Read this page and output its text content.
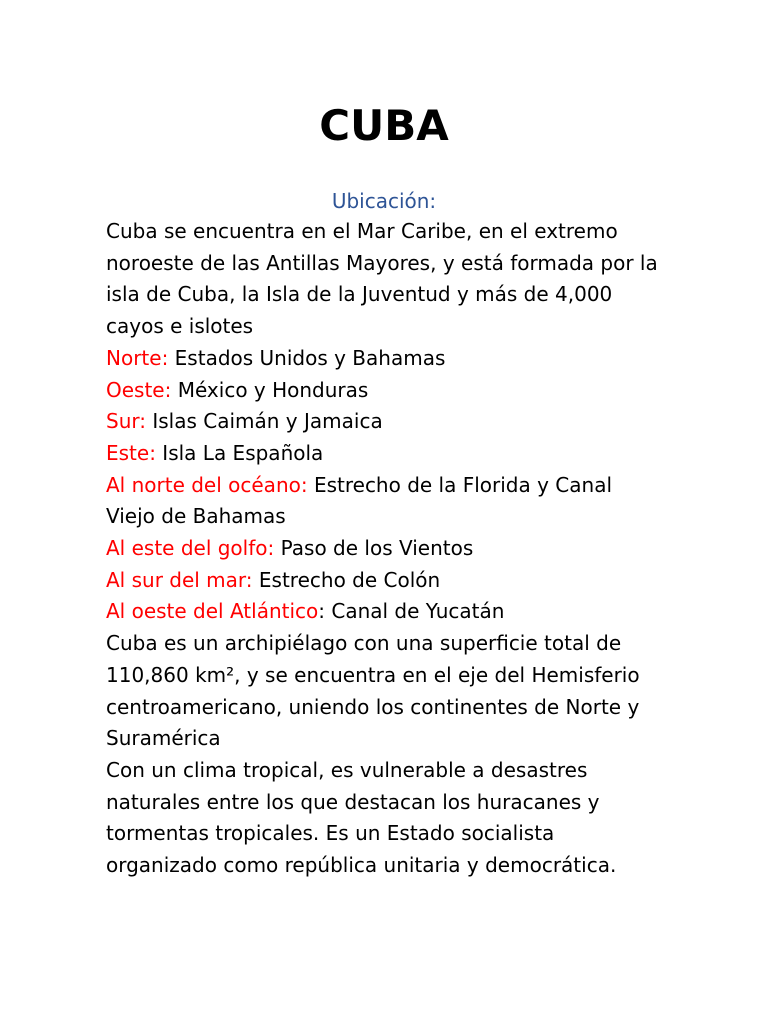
CUBA
Ubicación:

Cuba se encuentra en el Mar Caribe, en el extremo noroeste de las Antillas Mayores, y está formada por la isla de Cuba, la Isla de la Juventud y más de 4,000 cayos e islotes

Norte: Estados Unidos y Bahamas

Oeste: México y Honduras

Sur: Islas Caimán y Jamaica

Este: Isla La Española

Al norte del océano: Estrecho de la Florida y Canal Viejo de Bahamas

Al este del golfo: Paso de los Vientos

Al sur del mar: Estrecho de Colón

Al oeste del Atlántico: Canal de Yucatán

Cuba es un archipiélago con una superficie total de 110,860 km², y se encuentra en el eje del Hemisferio centroamericano, uniendo los continentes de Norte y Suramérica

Con un clima tropical, es vulnerable a desastres naturales entre los que destacan los huracanes y tormentas tropicales. Es un Estado socialista organizado como república unitaria y democrática.
